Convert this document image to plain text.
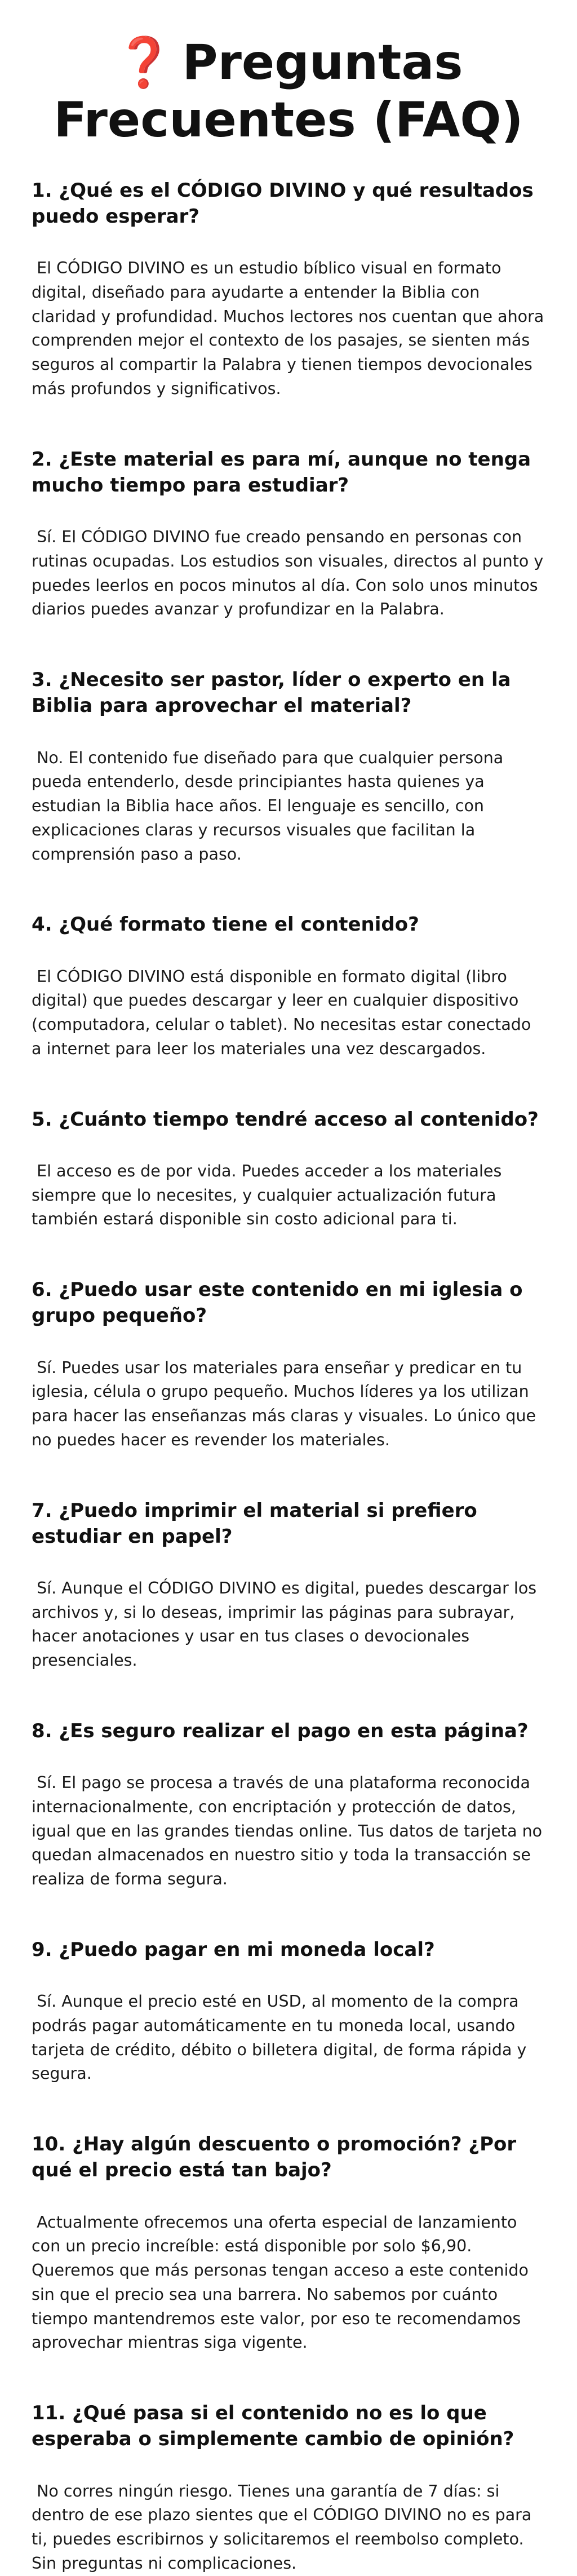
❓ Preguntas Frecuentes (FAQ)
1. ¿Qué es el CÓDIGO DIVINO y qué resultados puedo esperar?

El CÓDIGO DIVINO es un estudio bíblico visual en formato digital, diseñado para ayudarte a entender la Biblia con claridad y profundidad. Muchos lectores nos cuentan que ahora comprenden mejor el contexto de los pasajes, se sienten más seguros al compartir la Palabra y tienen tiempos devocionales más profundos y significativos.

2. ¿Este material es para mí, aunque no tenga mucho tiempo para estudiar?

Sí. El CÓDIGO DIVINO fue creado pensando en personas con rutinas ocupadas. Los estudios son visuales, directos al punto y puedes leerlos en pocos minutos al día. Con solo unos minutos diarios puedes avanzar y profundizar en la Palabra.

3. ¿Necesito ser pastor, líder o experto en la Biblia para aprovechar el material?

No. El contenido fue diseñado para que cualquier persona pueda entenderlo, desde principiantes hasta quienes ya estudian la Biblia hace años. El lenguaje es sencillo, con explicaciones claras y recursos visuales que facilitan la comprensión paso a paso.

4. ¿Qué formato tiene el contenido?

El CÓDIGO DIVINO está disponible en formato digital (libro digital) que puedes descargar y leer en cualquier dispositivo (computadora, celular o tablet). No necesitas estar conectado a internet para leer los materiales una vez descargados.

5. ¿Cuánto tiempo tendré acceso al contenido?

El acceso es de por vida. Puedes acceder a los materiales siempre que lo necesites, y cualquier actualización futura también estará disponible sin costo adicional para ti.

6. ¿Puedo usar este contenido en mi iglesia o grupo pequeño?

Sí. Puedes usar los materiales para enseñar y predicar en tu iglesia, célula o grupo pequeño. Muchos líderes ya los utilizan para hacer las enseñanzas más claras y visuales. Lo único que no puedes hacer es revender los materiales.

7. ¿Puedo imprimir el material si prefiero estudiar en papel?

Sí. Aunque el CÓDIGO DIVINO es digital, puedes descargar los archivos y, si lo deseas, imprimir las páginas para subrayar, hacer anotaciones y usar en tus clases o devocionales presenciales.

8. ¿Es seguro realizar el pago en esta página?

Sí. El pago se procesa a través de una plataforma reconocida internacionalmente, con encriptación y protección de datos, igual que en las grandes tiendas online. Tus datos de tarjeta no quedan almacenados en nuestro sitio y toda la transacción se realiza de forma segura.

9. ¿Puedo pagar en mi moneda local?

Sí. Aunque el precio esté en USD, al momento de la compra podrás pagar automáticamente en tu moneda local, usando tarjeta de crédito, débito o billetera digital, de forma rápida y segura.

10. ¿Hay algún descuento o promoción? ¿Por qué el precio está tan bajo?

Actualmente ofrecemos una oferta especial de lanzamiento con un precio increíble: está disponible por solo $6,90. Queremos que más personas tengan acceso a este contenido sin que el precio sea una barrera. No sabemos por cuánto tiempo mantendremos este valor, por eso te recomendamos aprovechar mientras siga vigente.

11. ¿Qué pasa si el contenido no es lo que esperaba o simplemente cambio de opinión?

No corres ningún riesgo. Tienes una garantía de 7 días: si dentro de ese plazo sientes que el CÓDIGO DIVINO no es para ti, puedes escribirnos y solicitaremos el reembolso completo. Sin preguntas ni complicaciones.
